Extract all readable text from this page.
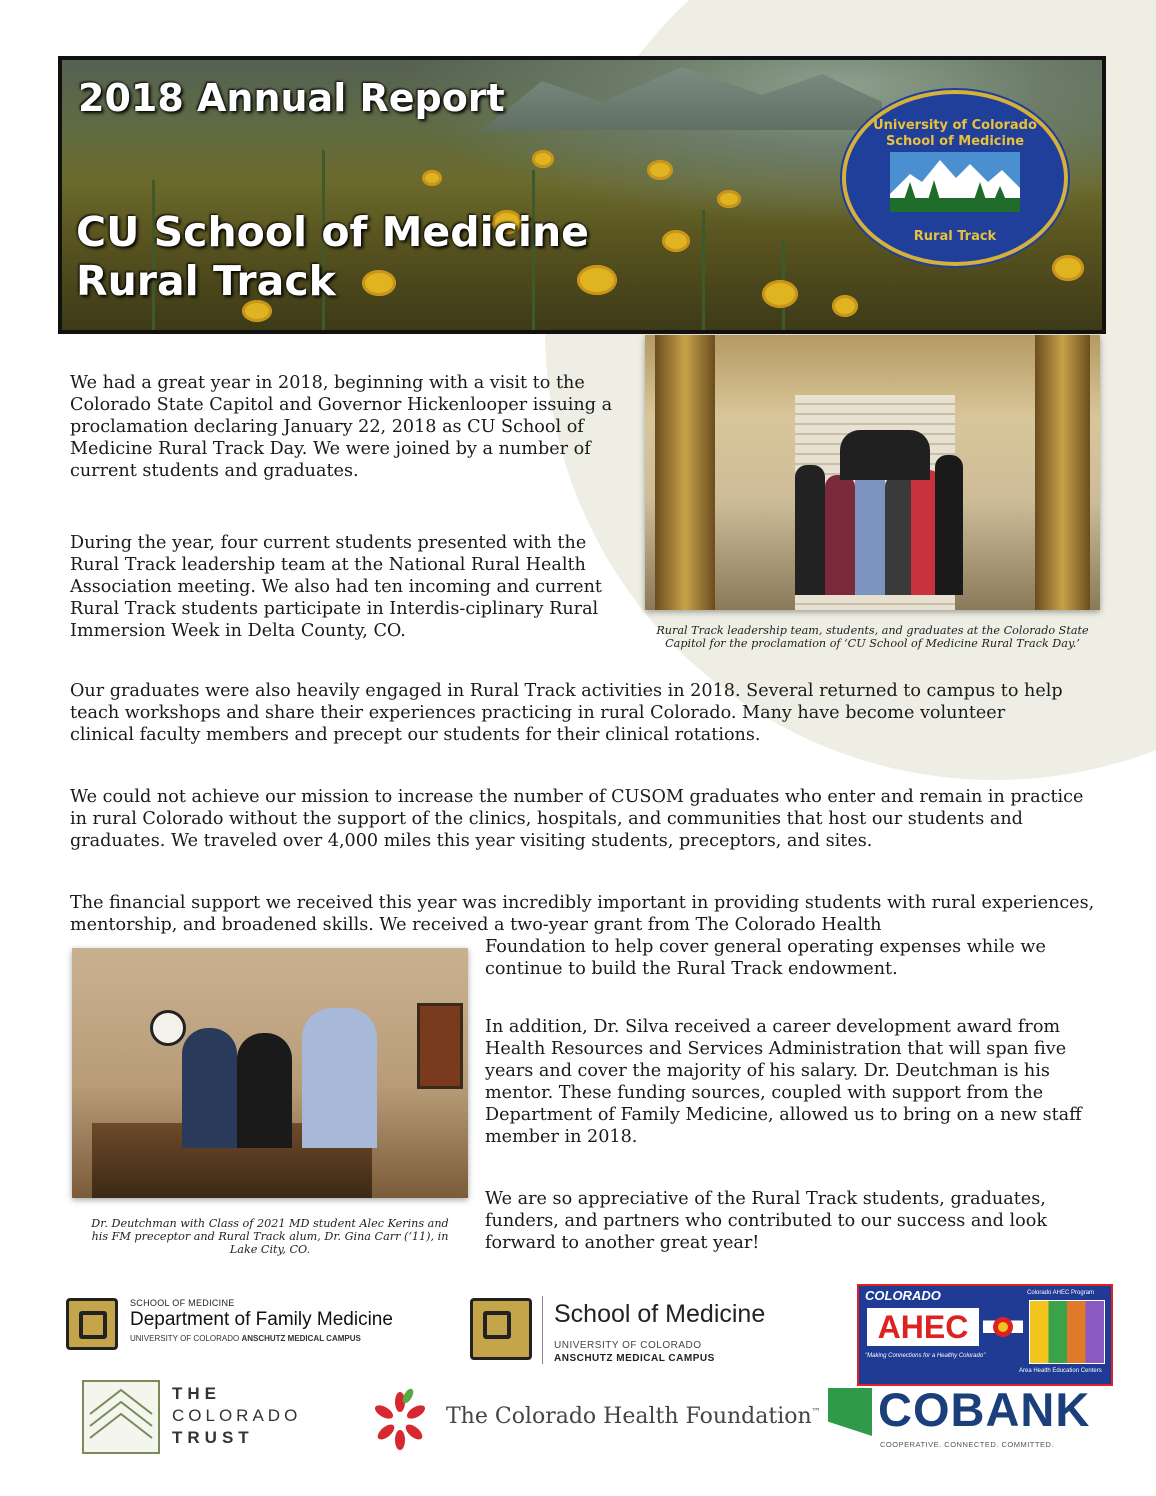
2018 Annual Report
CU School of Medicine
Rural Track
University of Colorado
School of Medicine
Rural Track

We had a great year in 2018, beginning with a visit to the Colorado State Capitol and Governor Hickenlooper issuing a proclamation declaring January 22, 2018 as CU School of Medicine Rural Track Day. We were joined by a number of current students and graduates.

During the year, four current students presented with the Rural Track leadership team at the National Rural Health Association meeting. We also had ten incoming and current Rural Track students participate in Interdis-ciplinary Rural Immersion Week in Delta County, CO.	Rural Track leadership team, students, and graduates at the Colorado State Capitol for the proclamation of ‘CU School of Medicine Rural Track Day.’

Our graduates were also heavily engaged in Rural Track activities in 2018. Several returned to campus to help teach workshops and share their experiences practicing in rural Colorado. Many have become volunteer clinical faculty members and precept our students for their clinical rotations.

We could not achieve our mission to increase the number of CUSOM graduates who enter and remain in practice in rural Colorado without the support of the clinics, hospitals, and communities that host our students and graduates. We traveled over 4,000 miles this year visiting students, preceptors, and sites.

The financial support we received this year was incredibly important in providing students with rural experiences, mentorship, and broadened skills. We received a two-year grant from The Colorado Health

Dr. Deutchman with Class of 2021 MD student Alec Kerins and his FM preceptor and Rural Track alum, Dr. Gina Carr (‘11), in Lake City, CO.

Foundation to help cover general operating expenses while we continue to build the Rural Track endowment.

In addition, Dr. Silva received a career development award from Health Resources and Services Administration that will span five years and cover the majority of his salary. Dr. Deutchman is his mentor. These funding sources, coupled with support from the Department of Family Medicine, allowed us to bring on a new staff member in 2018.

We are so appreciative of the Rural Track students, graduates, funders, and partners who contributed to our success and look forward to another great year!

SCHOOL OF MEDICINE
Department of Family Medicine
UNIVERSITY OF COLORADO ANSCHUTZ MEDICAL CAMPUS
School of Medicine
UNIVERSITY OF COLORADO
ANSCHUTZ MEDICAL CAMPUS
COLORADO
AHEC
Colorado AHEC Program
"Making Connections for a Healthy Colorado"
Area Health Education Centers
THE
COLORADO
TRUST
The Colorado Health Foundation™ COBANK
COOPERATIVE. CONNECTED. COMMITTED.
